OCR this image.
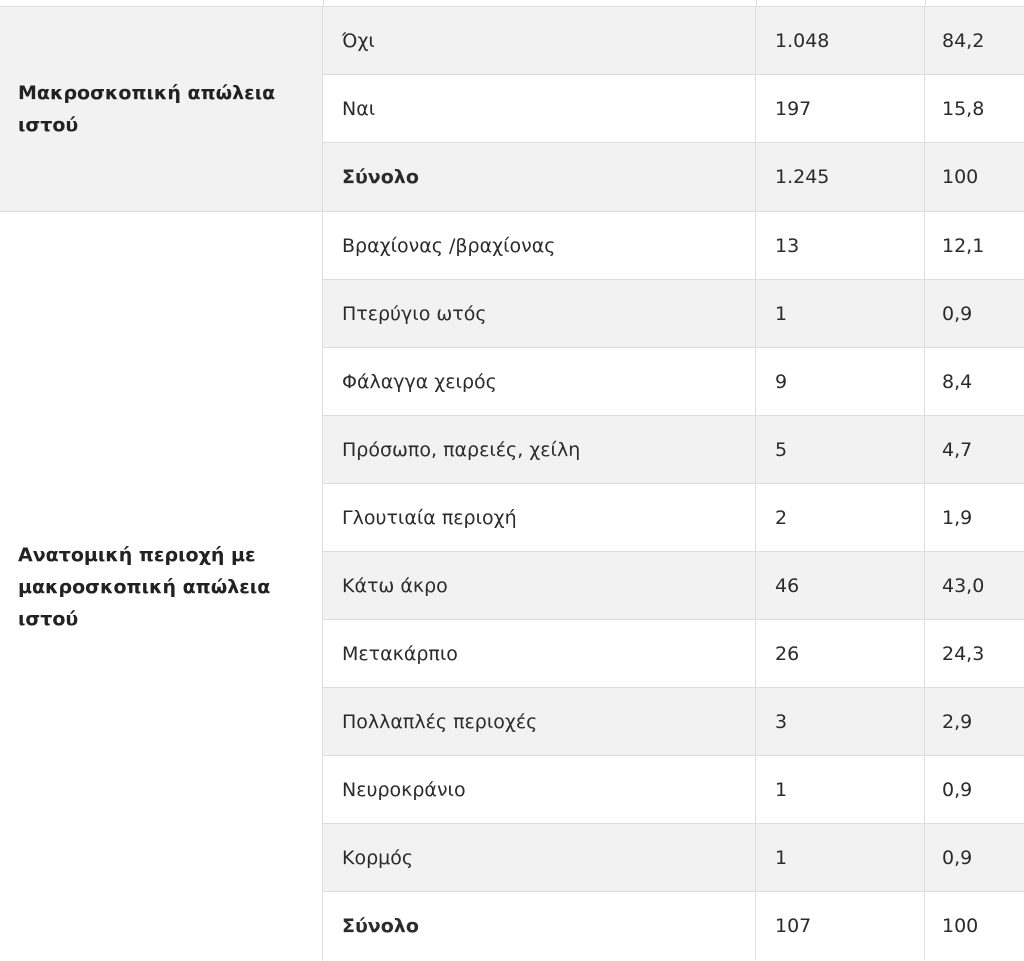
Μακροσκοπική απώλεια ιστού
Όχι	1.048	84,2
Ναι	197	15,8
Σύνολο	1.245	100
Ανατομική περιοχή με μακροσκοπική απώλεια ιστού
Βραχίονας /βραχίονας	13	12,1
Πτερύγιο ωτός	1	0,9
Φάλαγγα χειρός	9	8,4
Πρόσωπο, παρειές, χείλη	5	4,7
Γλουτιαία περιοχή	2	1,9
Κάτω άκρο	46	43,0
Μετακάρπιο	26	24,3
Πολλαπλές περιοχές	3	2,9
Νευροκράνιο	1	0,9
Κορμός	1	0,9
Σύνολο	107	100
